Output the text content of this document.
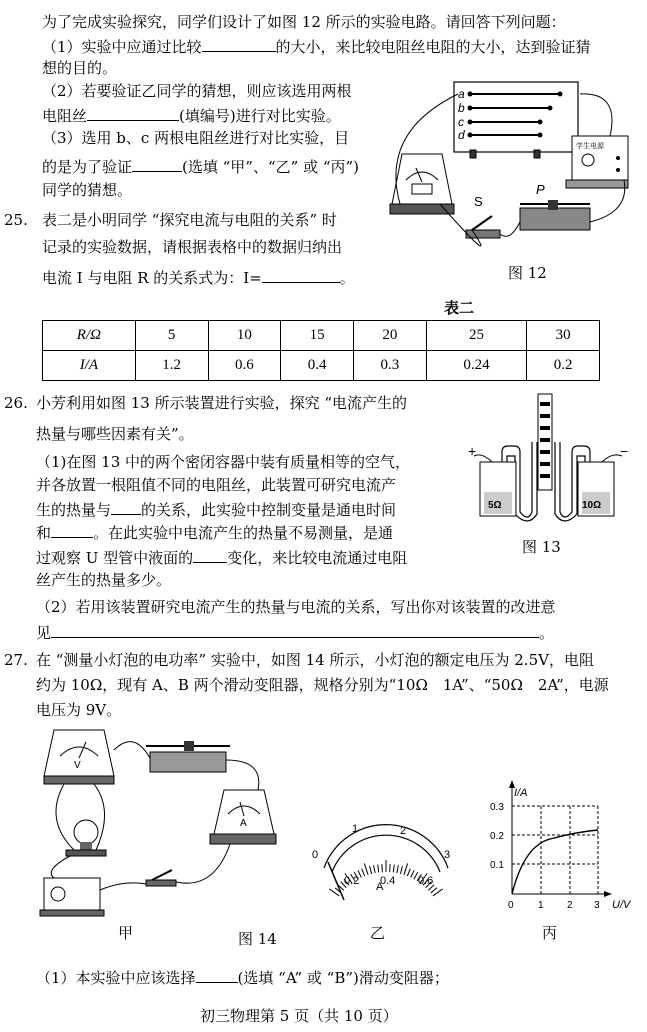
为了完成实验探究，同学们设计了如图 12 所示的实验电路。请回答下列问题：
（1）实验中应通过比较	的大小，来比较电阻丝电阻的大小，达到验证猜
想的目的。
（2）若要验证乙同学的猜想，则应该选用两根
电阻丝	(填编号)进行对比实验。
（3）选用 b、c 两根电阻丝进行对比实验，目
的是为了验证	(选填 “甲”、“乙” 或 “丙”)
同学的猜想。
a
b
c
d
学生电源
S
P
图 12
25. 表二是小明同学 “探究电流与电阻的关系” 时
记录的实验数据，请根据表格中的数据归纳出
电流 I 与电阻 R 的关系式为：I=	。
表二
R/Ω	5	10	15	20	25	30
I/A	1.2	0.6	0.4	0.3	0.24	0.2
26. 小芳利用如图 13 所示装置进行实验，探究 “电流产生的
热量与哪些因素有关”。
（1)在图 13 中的两个密闭容器中装有质量相等的空气，
并各放置一根阻值不同的电阻丝，此装置可研究电流产
生的热量与 的关系，此实验中控制变量是通电时间
和	。在此实验中电流产生的热量不易测量，是通
过观察 U 型管中液面的 变化，来比较电流通过电阻
丝产生的热量多少。
（2）若用该装置研究电流产生的热量与电流的关系，写出你对该装置的改进意
见	。
5Ω	10Ω
+	−
图 13
27. 在 “测量小灯泡的电功率” 实验中，如图 14 所示，小灯泡的额定电压为 2.5V，电阻
约为 10Ω，现有 A、B 两个滑动变阻器，规格分别为“10Ω　1A”、“50Ω　2A”，电源
电压为 9V。
V
A
甲	图 14
0
1	2
3
0.2 0.4 0.6
A
乙
I/A
U/V
0.1
0.2
0.3
0 1 2 3
丙
（1）本实验中应该选择	(选填 “A” 或 “B”)滑动变阻器；
初三物理第 5 页（共 10 页）
